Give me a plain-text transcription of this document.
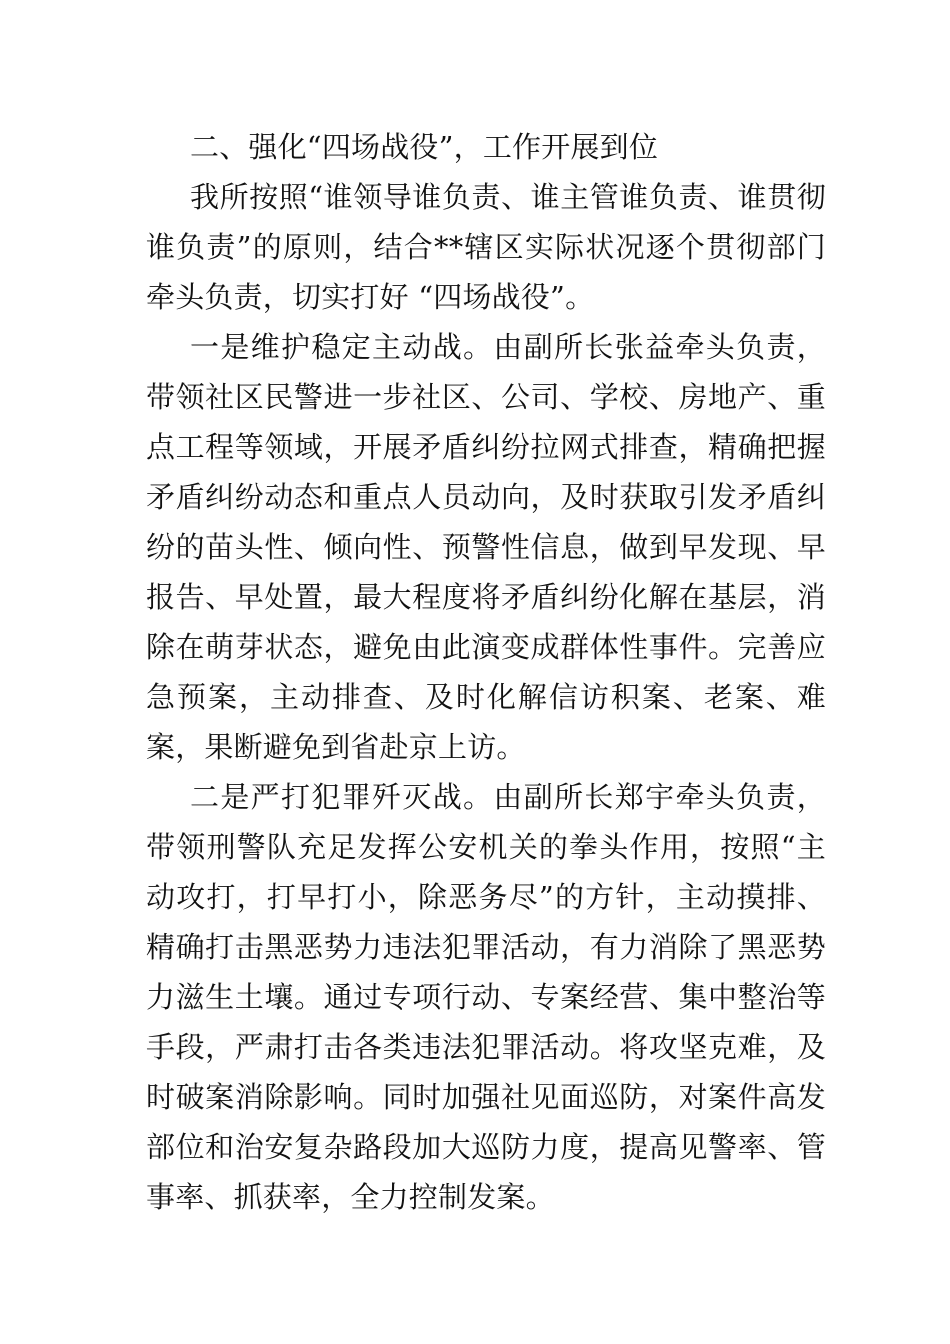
二、强化“四场战役”，工作开展到位

我所按照“谁领导谁负责、谁主管谁负责、谁贯彻谁负责”的原则，结合**辖区实际状况逐个贯彻部门牵头负责，切实打好 “四场战役”。

一是维护稳定主动战。由副所长张益牵头负责，带领社区民警进一步社区、公司、学校、房地产、重点工程等领域，开展矛盾纠纷拉网式排查，精确把握矛盾纠纷动态和重点人员动向，及时获取引发矛盾纠纷的苗头性、倾向性、预警性信息，做到早发现、早报告、早处置，最大程度将矛盾纠纷化解在基层，消除在萌芽状态，避免由此演变成群体性事件。完善应急预案，主动排查、及时化解信访积案、老案、难案，果断避免到省赴京上访。

二是严打犯罪歼灭战。由副所长郑宇牵头负责，带领刑警队充足发挥公安机关的拳头作用，按照“主动攻打，打早打小，除恶务尽”的方针，主动摸排、精确打击黑恶势力违法犯罪活动，有力消除了黑恶势力滋生土壤。通过专项行动、专案经营、集中整治等手段，严肃打击各类违法犯罪活动。将攻坚克难，及时破案消除影响。同时加强社见面巡防，对案件高发部位和治安复杂路段加大巡防力度，提高见警率、管事率、抓获率，全力控制发案。
